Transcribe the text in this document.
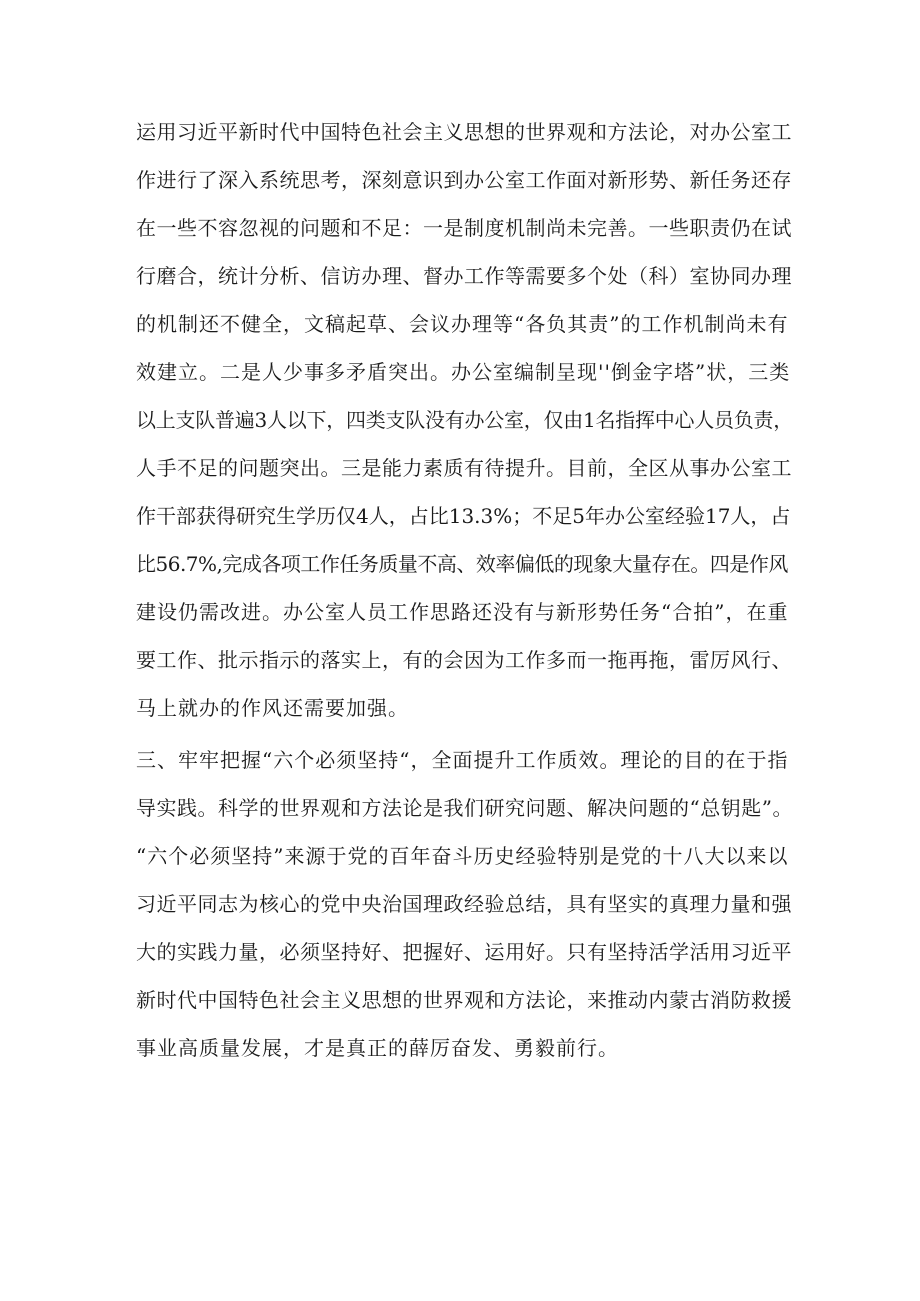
运用习近平新时代中国特色社会主义思想的世界观和方法论，对办公室工
作进行了深入系统思考，深刻意识到办公室工作面对新形势、新任务还存
在一些不容忽视的问题和不足：一是制度机制尚未完善。一些职责仍在试
行磨合，统计分析、信访办理、督办工作等需要多个处（科）室协同办理
的机制还不健全，文稿起草、会议办理等“各负其责”的工作机制尚未有
效建立。二是人少事多矛盾突出。办公室编制呈现''倒金字塔”状，三类
以上支队普遍3人以下，四类支队没有办公室，仅由1名指挥中心人员负责，
人手不足的问题突出。三是能力素质有待提升。目前，全区从事办公室工
作干部获得研究生学历仅4人，占比13.3%；不足5年办公室经验17人，占
比56.7%,完成各项工作任务质量不高、效率偏低的现象大量存在。四是作风
建设仍需改进。办公室人员工作思路还没有与新形势任务“合拍”，在重
要工作、批示指示的落实上，有的会因为工作多而一拖再拖，雷厉风行、
马上就办的作风还需要加强。
三、牢牢把握“六个必须坚持“，全面提升工作质效。理论的目的在于指
导实践。科学的世界观和方法论是我们研究问题、解决问题的“总钥匙”。
“六个必须坚持”来源于党的百年奋斗历史经验特别是党的十八大以来以
习近平同志为核心的党中央治国理政经验总结，具有坚实的真理力量和强
大的实践力量，必须坚持好、把握好、运用好。只有坚持活学活用习近平
新时代中国特色社会主义思想的世界观和方法论，来推动内蒙古消防救援
事业高质量发展，才是真正的薛厉奋发、勇毅前行。
